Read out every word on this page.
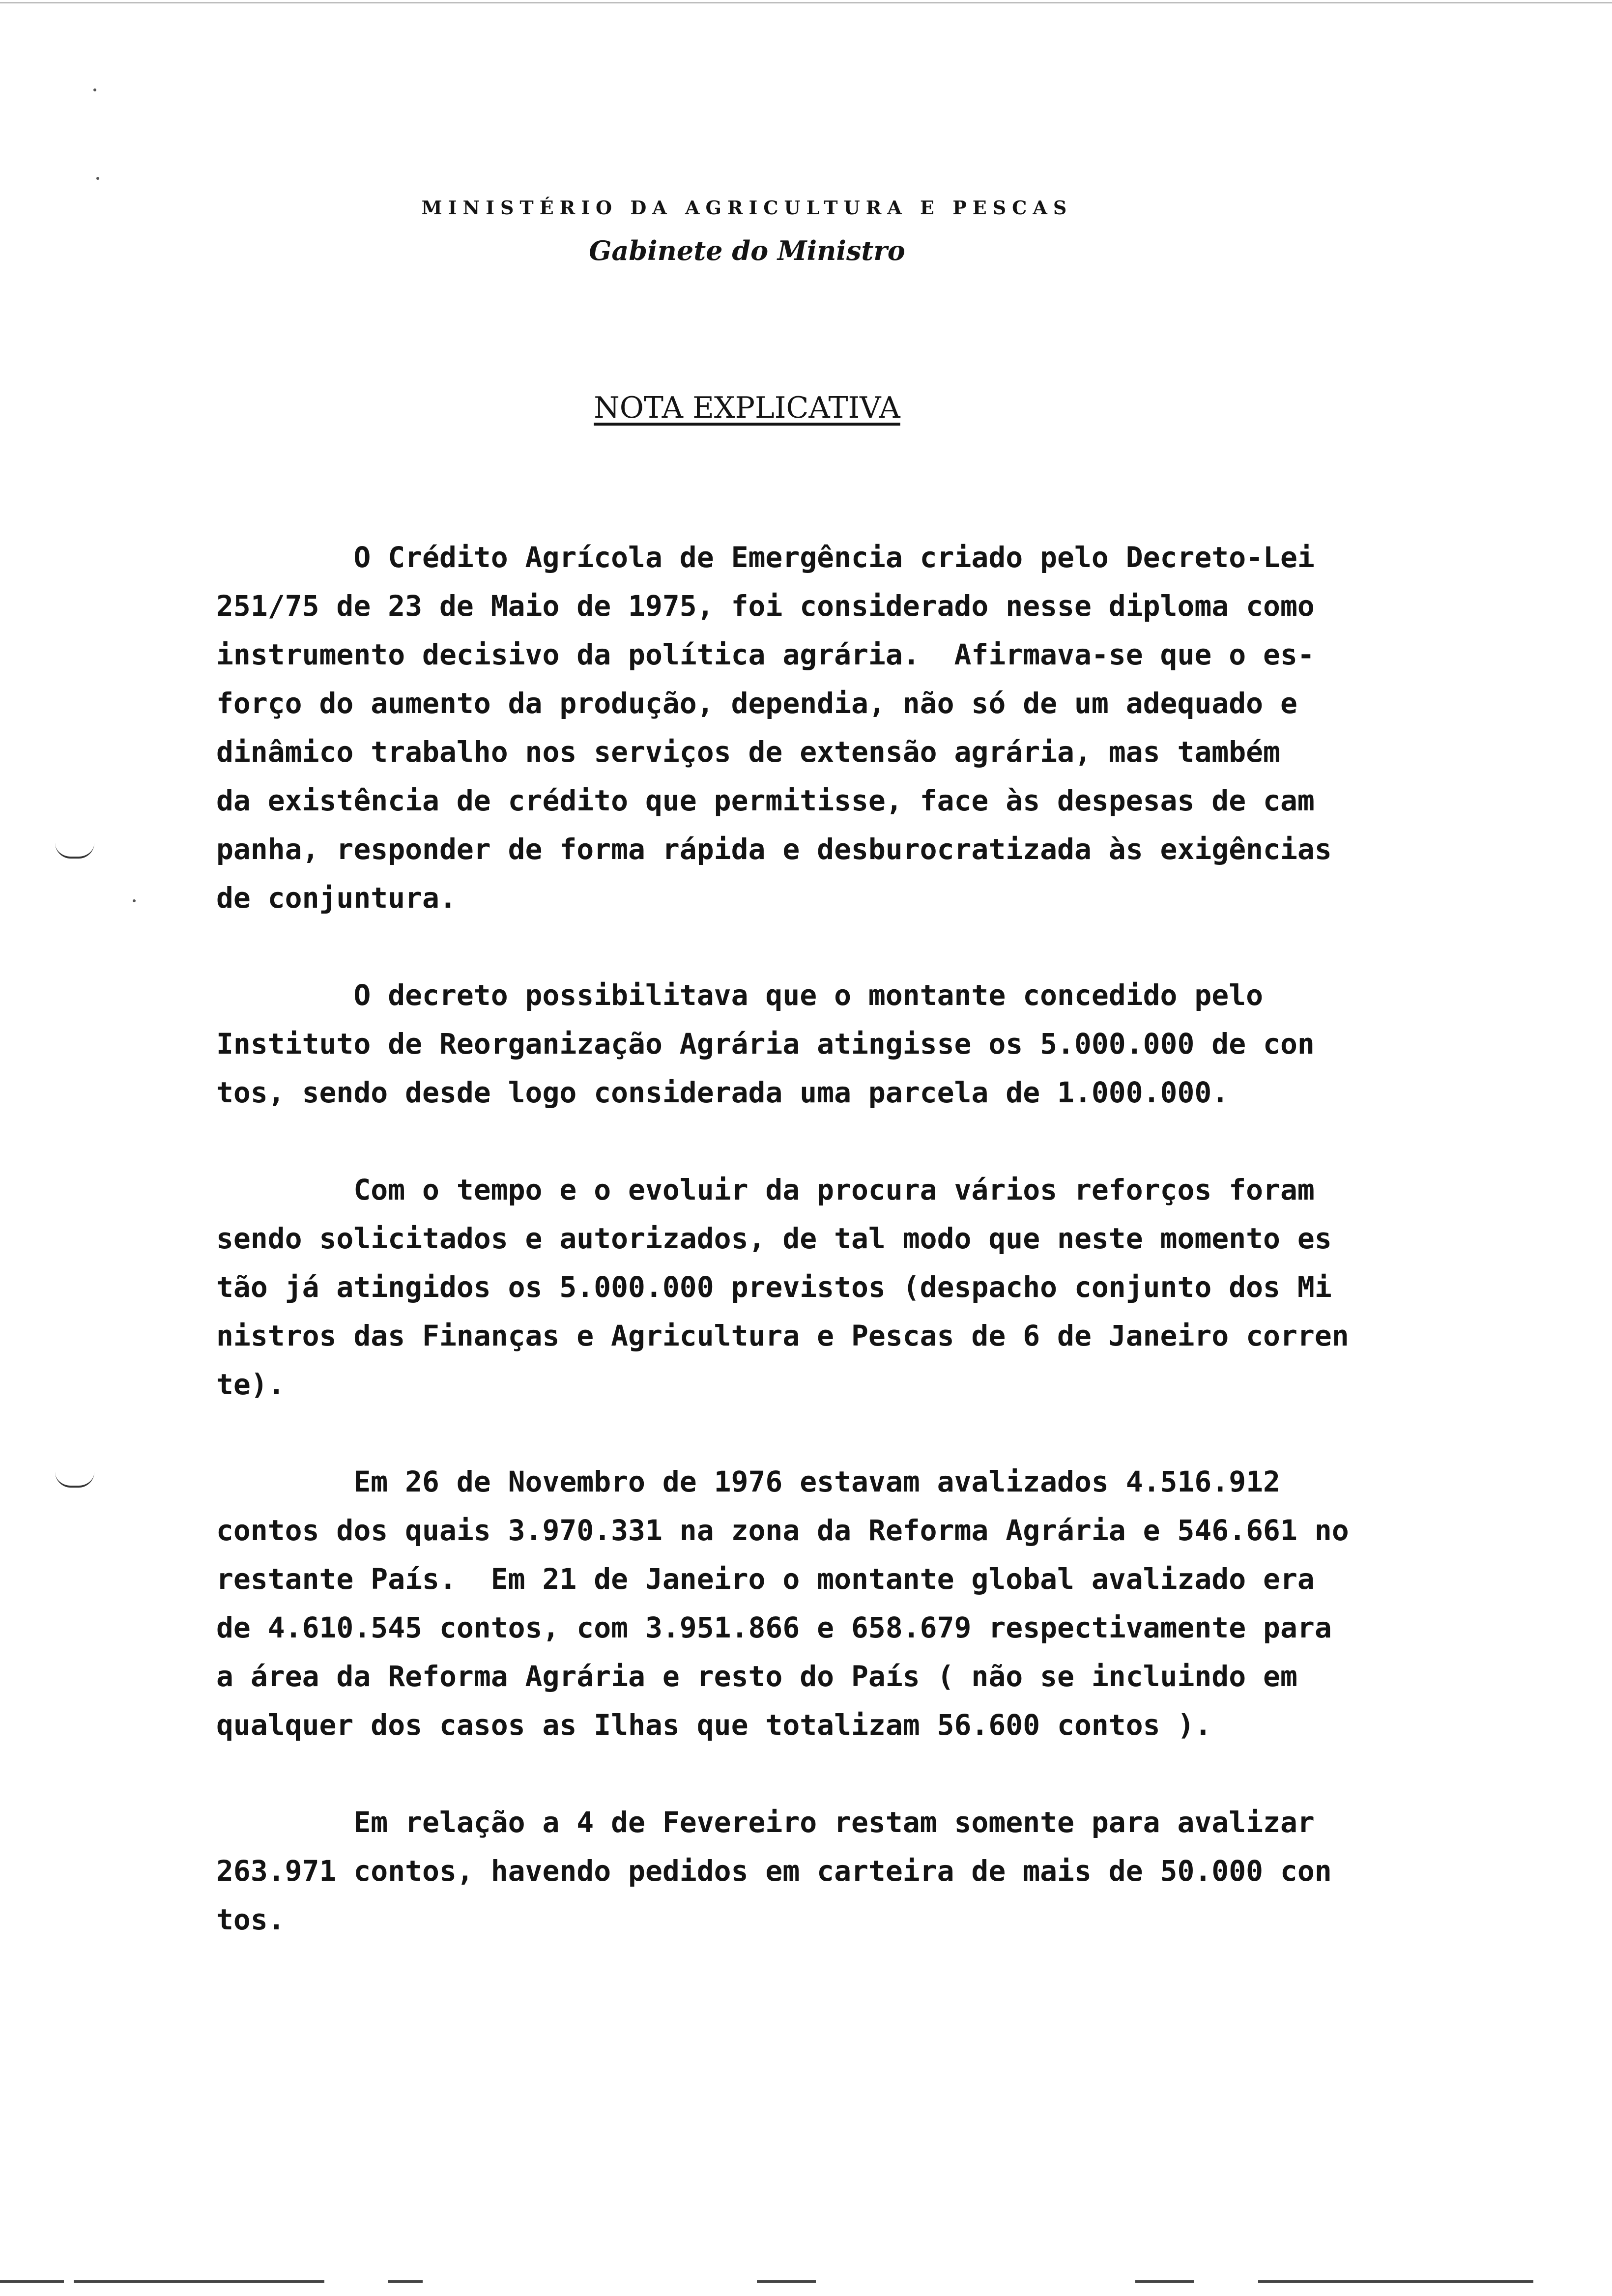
MINISTÉRIO DA AGRICULTURA E PESCAS
Gabinete do Ministro
NOTA EXPLICATIVA
O Crédito Agrícola de Emergência criado pelo Decreto-Lei
251/75 de 23 de Maio de 1975, foi considerado nesse diploma como
instrumento decisivo da política agrária.  Afirmava-se que o es-
forço do aumento da produção, dependia, não só de um adequado e
dinâmico trabalho nos serviços de extensão agrária, mas também
da existência de crédito que permitisse, face às despesas de cam
panha, responder de forma rápida e desburocratizada às exigências
de conjuntura.
O decreto possibilitava que o montante concedido pelo
Instituto de Reorganização Agrária atingisse os 5.000.000 de con
tos, sendo desde logo considerada uma parcela de 1.000.000.
Com o tempo e o evoluir da procura vários reforços foram
sendo solicitados e autorizados, de tal modo que neste momento es
tão já atingidos os 5.000.000 previstos (despacho conjunto dos Mi
nistros das Finanças e Agricultura e Pescas de 6 de Janeiro corren
te).
Em 26 de Novembro de 1976 estavam avalizados 4.516.912
contos dos quais 3.970.331 na zona da Reforma Agrária e 546.661 no
restante País.  Em 21 de Janeiro o montante global avalizado era
de 4.610.545 contos, com 3.951.866 e 658.679 respectivamente para
a área da Reforma Agrária e resto do País ( não se incluindo em
qualquer dos casos as Ilhas que totalizam 56.600 contos ).
Em relação a 4 de Fevereiro restam somente para avalizar
263.971 contos, havendo pedidos em carteira de mais de 50.000 con
tos.
